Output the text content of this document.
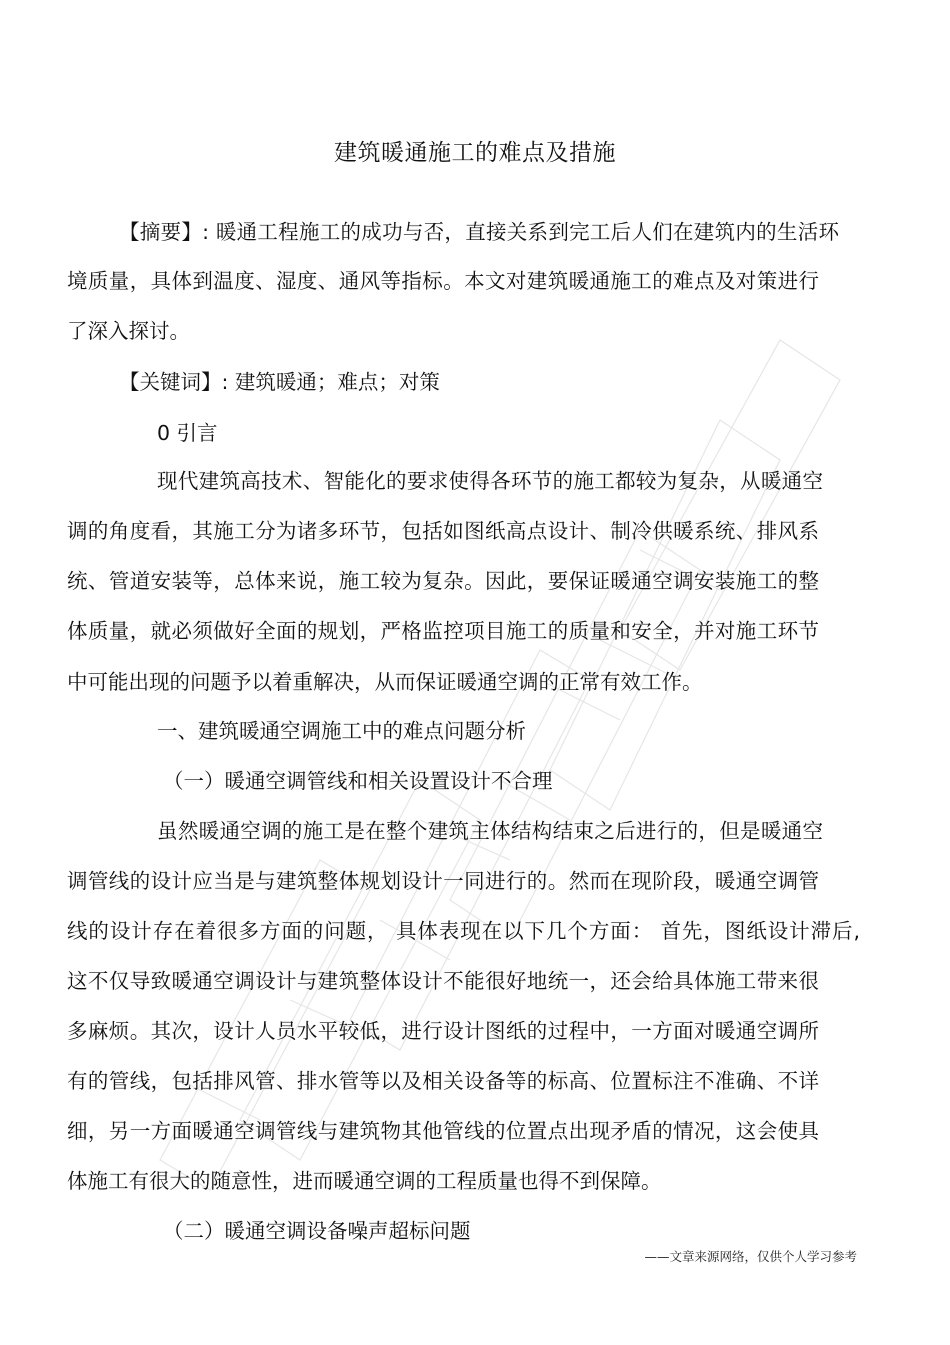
建筑暖通施工的难点及措施
【摘要】: 暖通工程施工的成功与否，直接关系到完工后人们在建筑内的生活环
境质量，具体到温度、湿度、通风等指标。本文对建筑暖通施工的难点及对策进行
了深入探讨。
【关键词】: 建筑暖通；难点；对策
0 引言
现代建筑高技术、智能化的要求使得各环节的施工都较为复杂，从暖通空
调的角度看，其施工分为诸多环节，包括如图纸高点设计、制冷供暖系统、排风系
统、管道安装等，总体来说，施工较为复杂。因此，要保证暖通空调安装施工的整
体质量，就必须做好全面的规划，严格监控项目施工的质量和安全，并对施工环节
中可能出现的问题予以着重解决，从而保证暖通空调的正常有效工作。
一、建筑暖通空调施工中的难点问题分析
（一）暖通空调管线和相关设置设计不合理
虽然暖通空调的施工是在整个建筑主体结构结束之后进行的，但是暖通空
调管线的设计应当是与建筑整体规划设计一同进行的。然而在现阶段，暖通空调管
线的设计存在着很多方面的问题， 具体表现在以下几个方面： 首先，图纸设计滞后,
这不仅导致暖通空调设计与建筑整体设计不能很好地统一，还会给具体施工带来很
多麻烦。其次，设计人员水平较低，进行设计图纸的过程中，一方面对暖通空调所
有的管线，包括排风管、排水管等以及相关设备等的标高、位置标注不准确、不详
细，另一方面暖通空调管线与建筑物其他管线的位置点出现矛盾的情况，这会使具
体施工有很大的随意性，进而暖通空调的工程质量也得不到保障。
（二）暖通空调设备噪声超标问题
——文章来源网络，仅供个人学习参考
